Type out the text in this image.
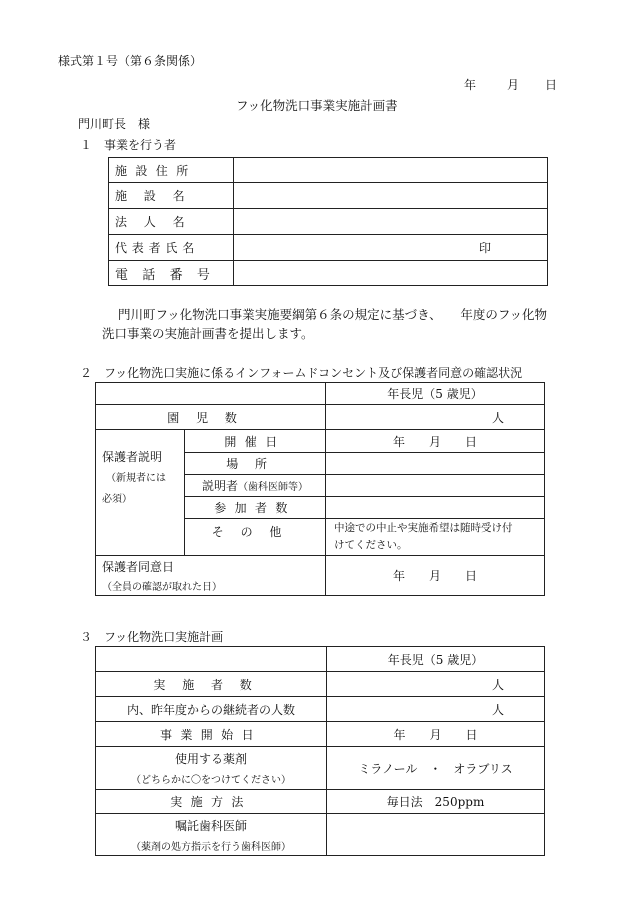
様式第１号（第６条関係）
年	月 日
フッ化物洗口事業実施計画書
門川町長　様
１　事業を行う者
施設住所	
施設名	
法人名	
代表者氏名	印
電話番号	
門川町フッ化物洗口事業実施要綱第６条の規定に基づき、　　年度のフッ化物
洗口事業の実施計画書を提出します。
２　フッ化物洗口実施に係るインフォームドコンセント及び保護者同意の確認状況
		年長児（5 歳児）
園児数		人

保護者説明
（新規者には
必須）	開催日	年　　月　　日
	場所	
	説明者（歯科医師等）	
	参加者数	
	その他	中途での中止や実施希望は随時受け付
けてください。

保護者同意日
（全員の確認が取れた日）		年　　月　　日
３　フッ化物洗口実施計画
	年長児（5 歳児）
実施者数	人
内、昨年度からの継続者の人数	人
事業開始日	年　　月　　日

使用する薬剤
（どちらかに〇をつけてください）	ミラノール　・　オラブリス
実施方法	毎日法　250ppm

嘱託歯科医師
（薬剤の処方指示を行う歯科医師）	
